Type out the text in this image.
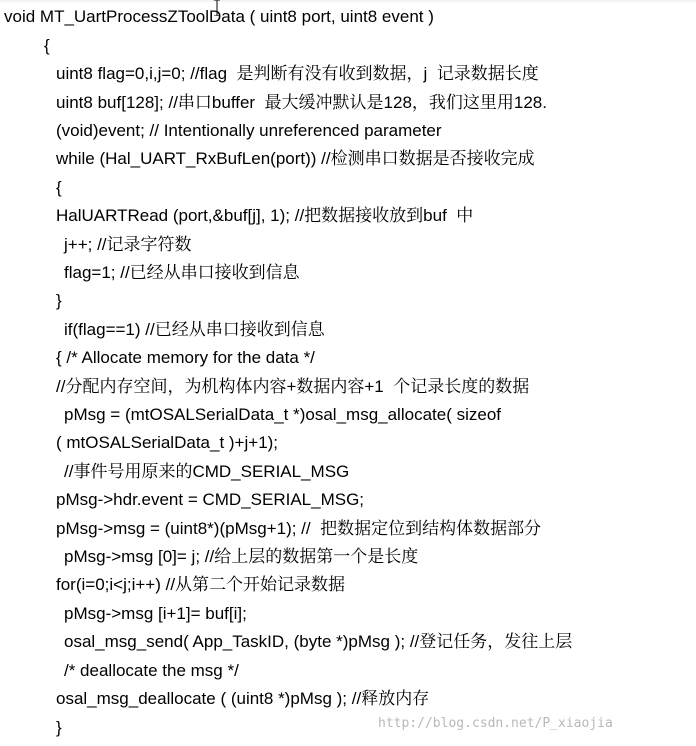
void MT_UartProcessZToolData ( uint8 port, uint8 event )
{
uint8 flag=0,i,j=0; //flag  是判断有没有收到数据，j  记录数据长度
uint8 buf[128]; //串口buffer  最大缓冲默认是128，我们这里用128.
(void)event; // Intentionally unreferenced parameter
while (Hal_UART_RxBufLen(port)) //检测串口数据是否接收完成
{
HalUARTRead (port,&buf[j], 1); //把数据接收放到buf  中
j++; //记录字符数
flag=1; //已经从串口接收到信息
}
if(flag==1) //已经从串口接收到信息
{ /* Allocate memory for the data */
//分配内存空间，为机构体内容+数据内容+1  个记录长度的数据
pMsg = (mtOSALSerialData_t *)osal_msg_allocate( sizeof
( mtOSALSerialData_t )+j+1);
//事件号用原来的CMD_SERIAL_MSG
pMsg->hdr.event = CMD_SERIAL_MSG;
pMsg->msg = (uint8*)(pMsg+1); //  把数据定位到结构体数据部分
pMsg->msg [0]= j; //给上层的数据第一个是长度
for(i=0;i<j;i++) //从第二个开始记录数据
pMsg->msg [i+1]= buf[i];
osal_msg_send( App_TaskID, (byte *)pMsg ); //登记任务，发往上层
/* deallocate the msg */
osal_msg_deallocate ( (uint8 *)pMsg ); //释放内存
}	http://blog.csdn.net/P_xiaojia
